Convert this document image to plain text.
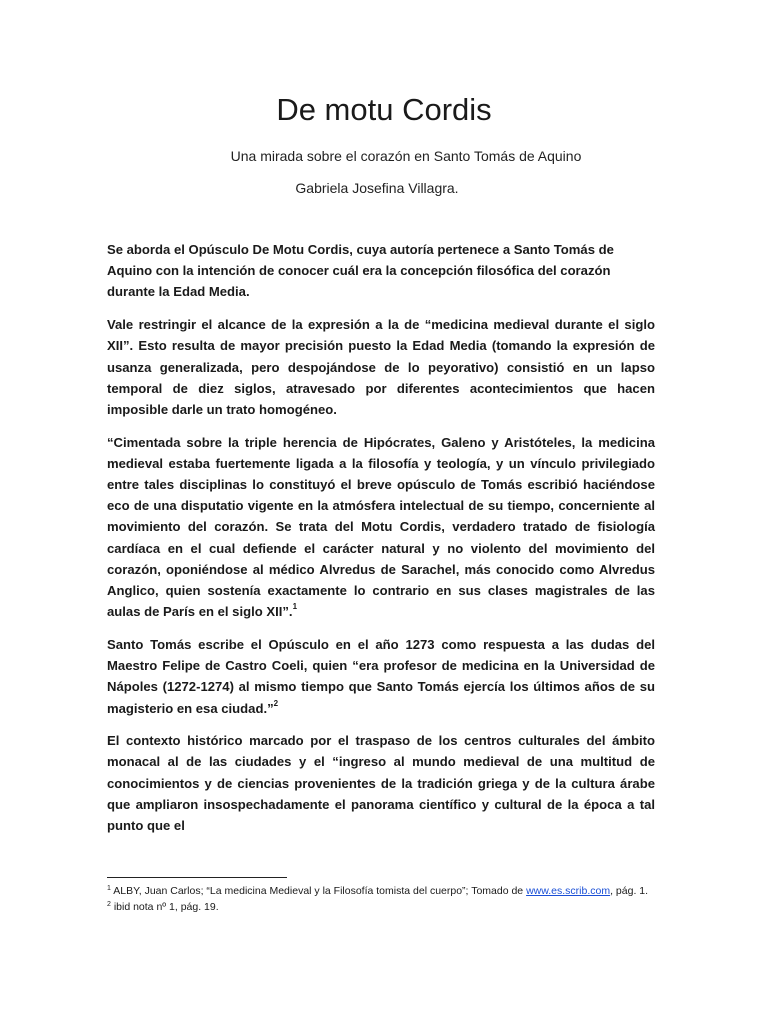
De motu Cordis
Una mirada sobre el corazón en Santo Tomás de Aquino
Gabriela Josefina Villagra.

Se aborda el Opúsculo De Motu Cordis, cuya autoría pertenece a Santo Tomás de Aquino con la intención de conocer cuál era la concepción filosófica del corazón durante la Edad Media.

Vale restringir el alcance de la expresión a la de “medicina medieval durante el siglo XII”. Esto resulta de mayor precisión puesto la Edad Media (tomando la expresión de usanza generalizada, pero despojándose de lo peyorativo) consistió en un lapso temporal de diez siglos, atravesado por diferentes acontecimientos que hacen imposible darle un trato homogéneo.

“Cimentada sobre la triple herencia de Hipócrates, Galeno y Aristóteles, la medicina medieval estaba fuertemente ligada a la filosofía y teología, y un vínculo privilegiado entre tales disciplinas lo constituyó el breve opúsculo de Tomás escribió haciéndose eco de una disputatio vigente en la atmósfera intelectual de su tiempo, concerniente al movimiento del corazón. Se trata del Motu Cordis, verdadero tratado de fisiología cardíaca en el cual defiende el carácter natural y no violento del movimiento del corazón, oponiéndose al médico Alvredus de Sarachel, más conocido como Alvredus Anglico, quien sostenía exactamente lo contrario en sus clases magistrales de las aulas de París en el siglo XII”.$^1$

Santo Tomás escribe el Opúsculo en el año 1273 como respuesta a las dudas del Maestro Felipe de Castro Coeli, quien “era profesor de medicina en la Universidad de Nápoles (1272-1274) al mismo tiempo que Santo Tomás ejercía los últimos años de su magisterio en esa ciudad.”$^2$

El contexto histórico marcado por el traspaso de los centros culturales del ámbito monacal al de las ciudades y el “ingreso al mundo medieval de una multitud de conocimientos y de ciencias provenientes de la tradición griega y de la cultura árabe que ampliaron insospechadamente el panorama científico y cultural de la época a tal punto que el

$^1$ ALBY, Juan Carlos; “La medicina Medieval y la Filosofía tomista del cuerpo”; Tomado de www.es.scrib.com, pág. 1.
$^2$ ibid nota nº 1, pág. 19.
